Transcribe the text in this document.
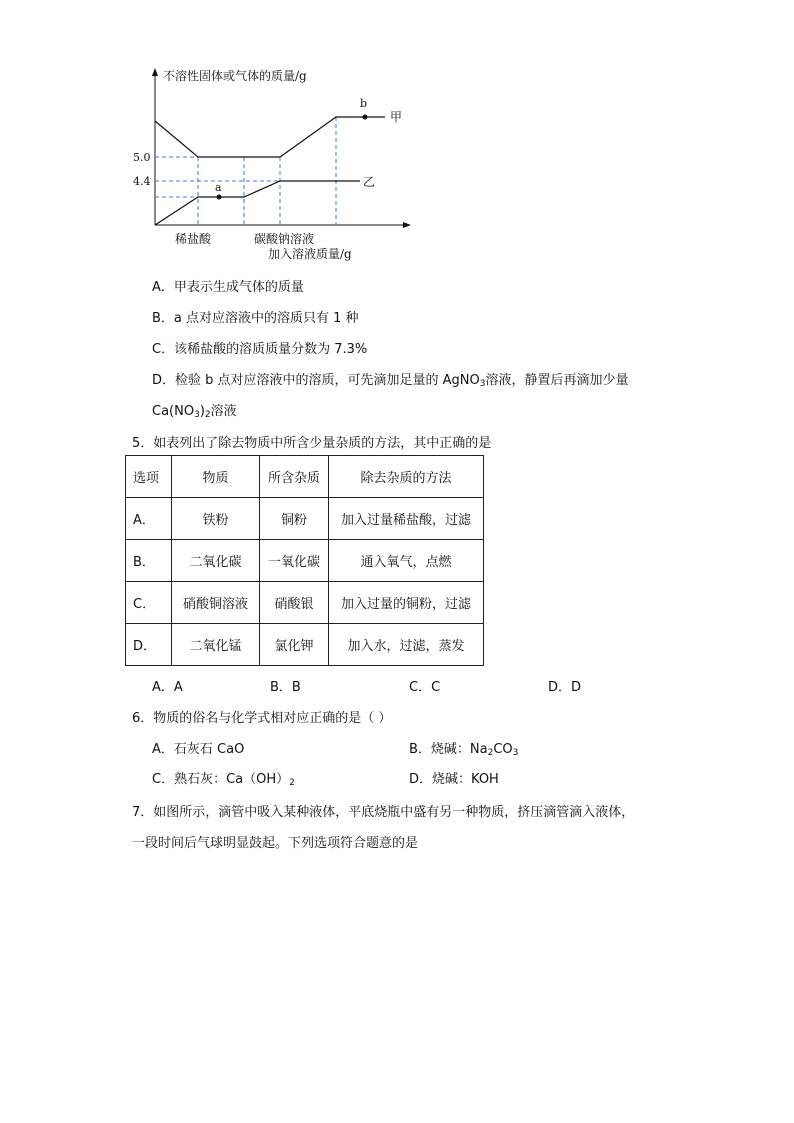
不溶性固体或气体的质量/g
加入溶液质量/g
a
b
5.0
4.4
甲
乙
稀盐酸	碳酸钠溶液
A．甲表示生成气体的质量
B．a 点对应溶液中的溶质只有 1 种
C．该稀盐酸的溶质质量分数为 7.3%
D．检验 b 点对应溶液中的溶质，可先滴加足量的 AgNO$_3$溶液，静置后再滴加少量
$Ca(NO_3)_2$溶液
5．如表列出了除去物质中所含少量杂质的方法，其中正确的是
选项	物质	所含杂质	除去杂质的方法
A．	铁粉	铜粉	加入过量稀盐酸，过滤
B．	二氧化碳	一氧化碳	通入氧气，点燃
C．	硝酸铜溶液	硝酸银	加入过量的铜粉，过滤
D．	二氧化锰	氯化钾	加入水，过滤，蒸发
A．A	B．B	C．C	D．D
6．物质的俗名与化学式相对应正确的是（ ）
A．石灰石 CaO	B．烧碱：$Na_2CO_3$
C．熟石灰：$Ca(OH)_2$	D．烧碱：KOH
7．如图所示，滴管中吸入某种液体，平底烧瓶中盛有另一种物质，挤压滴管滴入液体，
一段时间后气球明显鼓起。下列选项符合题意的是
